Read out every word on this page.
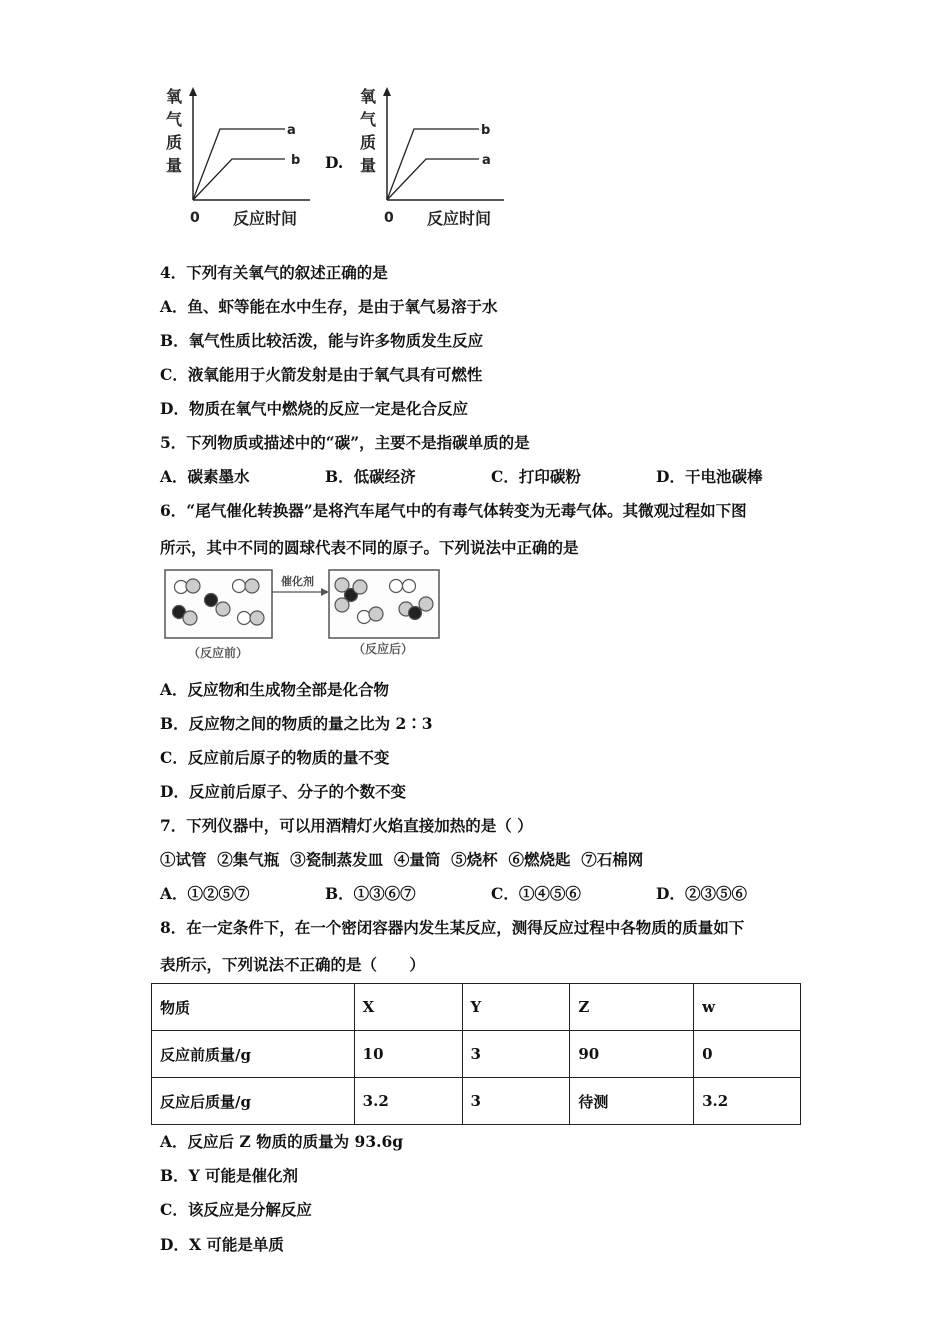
氧
气
质
量
a
b
0 反应时间
D.
氧
气
质
量
b
a
0 反应时间
4．下列有关氧气的叙述正确的是
A．鱼、虾等能在水中生存，是由于氧气易溶于水
B．氧气性质比较活泼，能与许多物质发生反应
C．液氧能用于火箭发射是由于氧气具有可燃性
D．物质在氧气中燃烧的反应一定是化合反应
5．下列物质或描述中的“碳”，主要不是指碳单质的是
A．碳素墨水	B．低碳经济	C．打印碳粉	D．干电池碳棒
6．“尾气催化转换器”是将汽车尾气中的有毒气体转变为无毒气体。其微观过程如下图
所示，其中不同的圆球代表不同的原子。下列说法中正确的是
催化剂
（反应前）	（反应后）
A．反应物和生成物全部是化合物
B．反应物之间的物质的量之比为 2∶3
C．反应前后原子的物质的量不变
D．反应前后原子、分子的个数不变
7．下列仪器中，可以用酒精灯火焰直接加热的是（ ）
①试管  ②集气瓶  ③瓷制蒸发皿  ④量筒  ⑤烧杯  ⑥燃烧匙  ⑦石棉网
A．①②⑤⑦	B．①③⑥⑦	C．①④⑤⑥	D．②③⑤⑥
8．在一定条件下，在一个密闭容器内发生某反应，测得反应过程中各物质的质量如下
表所示，下列说法不正确的是（      ）
物质	X	Y	Z	w
反应前质量/g	10	3	90	0
反应后质量/g	3.2	3	待测	3.2
A．反应后 Z 物质的质量为 93.6g
B．Y 可能是催化剂
C．该反应是分解反应
D．X 可能是单质
